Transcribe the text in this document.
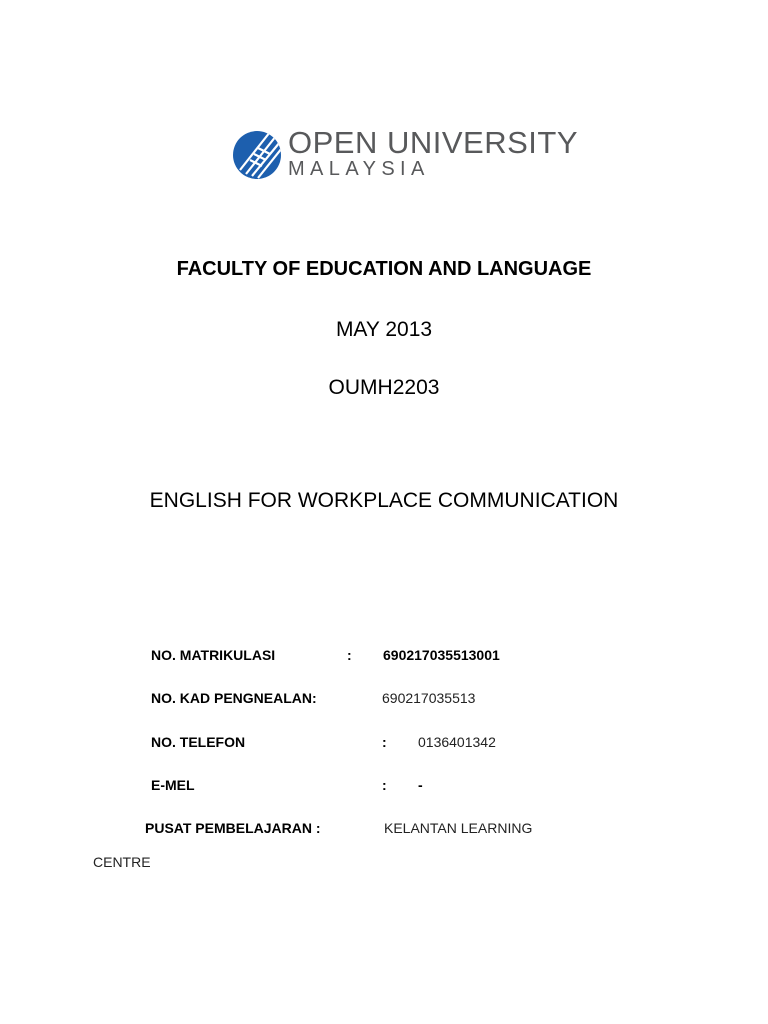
OPEN UNIVERSITY
MALAYSIA
FACULTY OF EDUCATION AND LANGUAGE
MAY 2013
OUMH2203
ENGLISH FOR WORKPLACE COMMUNICATION
NO. MATRIKULASI	: 690217035513001
NO. KAD PENGNEALAN:	690217035513
NO. TELEFON	: 0136401342
E-MEL	: -
PUSAT PEMBELAJARAN :	KELANTAN LEARNING
CENTRE
